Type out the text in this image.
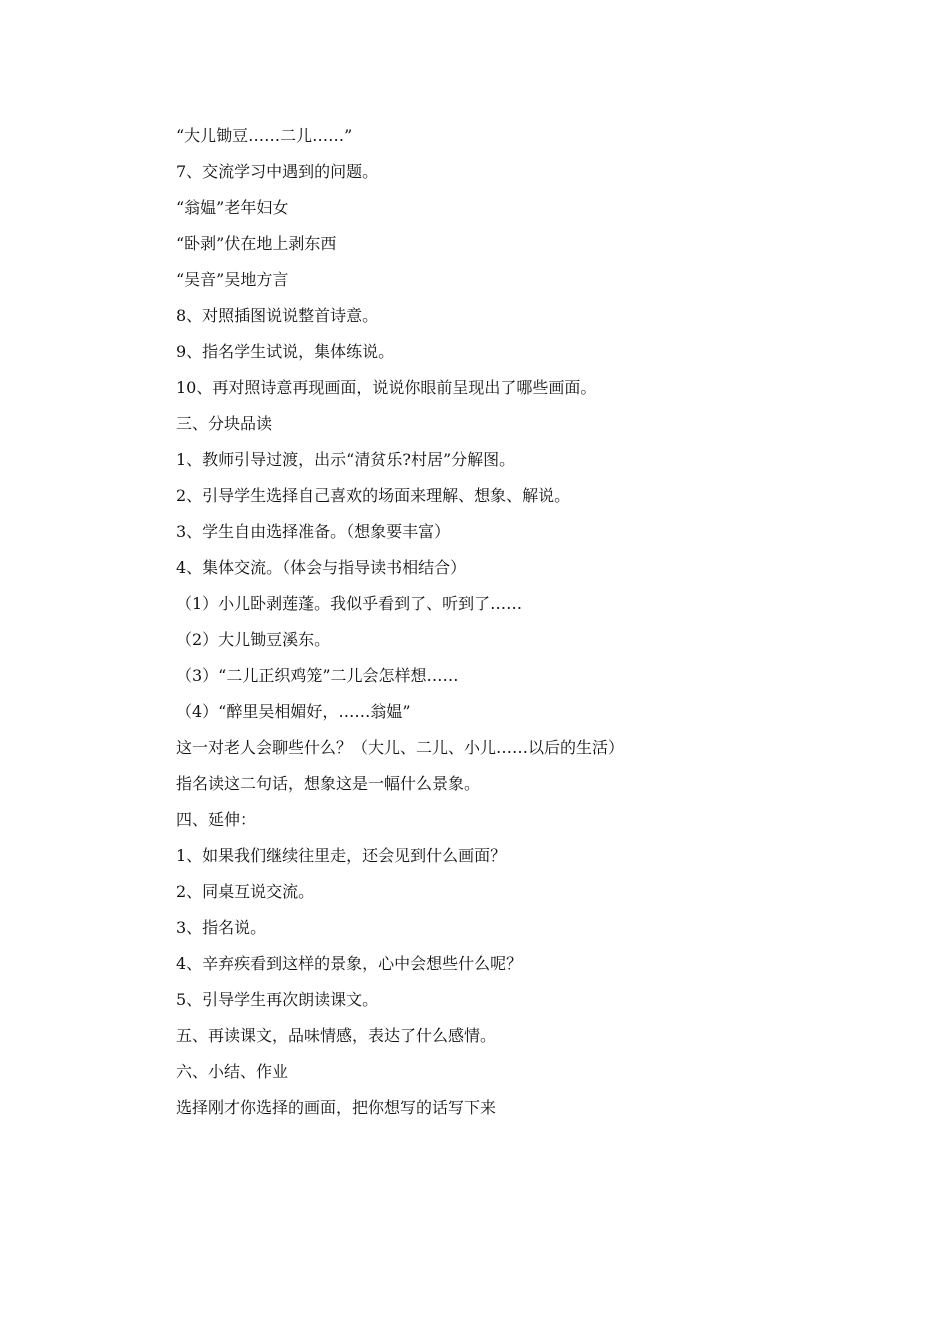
“大儿锄豆……二儿……”
7、交流学习中遇到的问题。
“翁媪”老年妇女
“卧剥”伏在地上剥东西
“吴音”吴地方言
8、对照插图说说整首诗意。
9、指名学生试说，集体练说。
10、再对照诗意再现画面，说说你眼前呈现出了哪些画面。
三、分块品读
1、教师引导过渡，出示“清贫乐?村居”分解图。
2、引导学生选择自己喜欢的场面来理解、想象、解说。
3、学生自由选择准备。（想象要丰富）
4、集体交流。（体会与指导读书相结合）
（1）小儿卧剥莲蓬。我似乎看到了、听到了……
（2）大儿锄豆溪东。
（3）“二儿正织鸡笼”二儿会怎样想……
（4）“醉里吴相媚好，……翁媪”
这一对老人会聊些什么？（大儿、二儿、小儿……以后的生活）
指名读这二句话，想象这是一幅什么景象。
四、延伸：
1、如果我们继续往里走，还会见到什么画面？
2、同桌互说交流。
3、指名说。
4、辛弃疾看到这样的景象，心中会想些什么呢？
5、引导学生再次朗读课文。
五、再读课文，品味情感，表达了什么感情。
六、小结、作业
选择刚才你选择的画面，把你想写的话写下来
